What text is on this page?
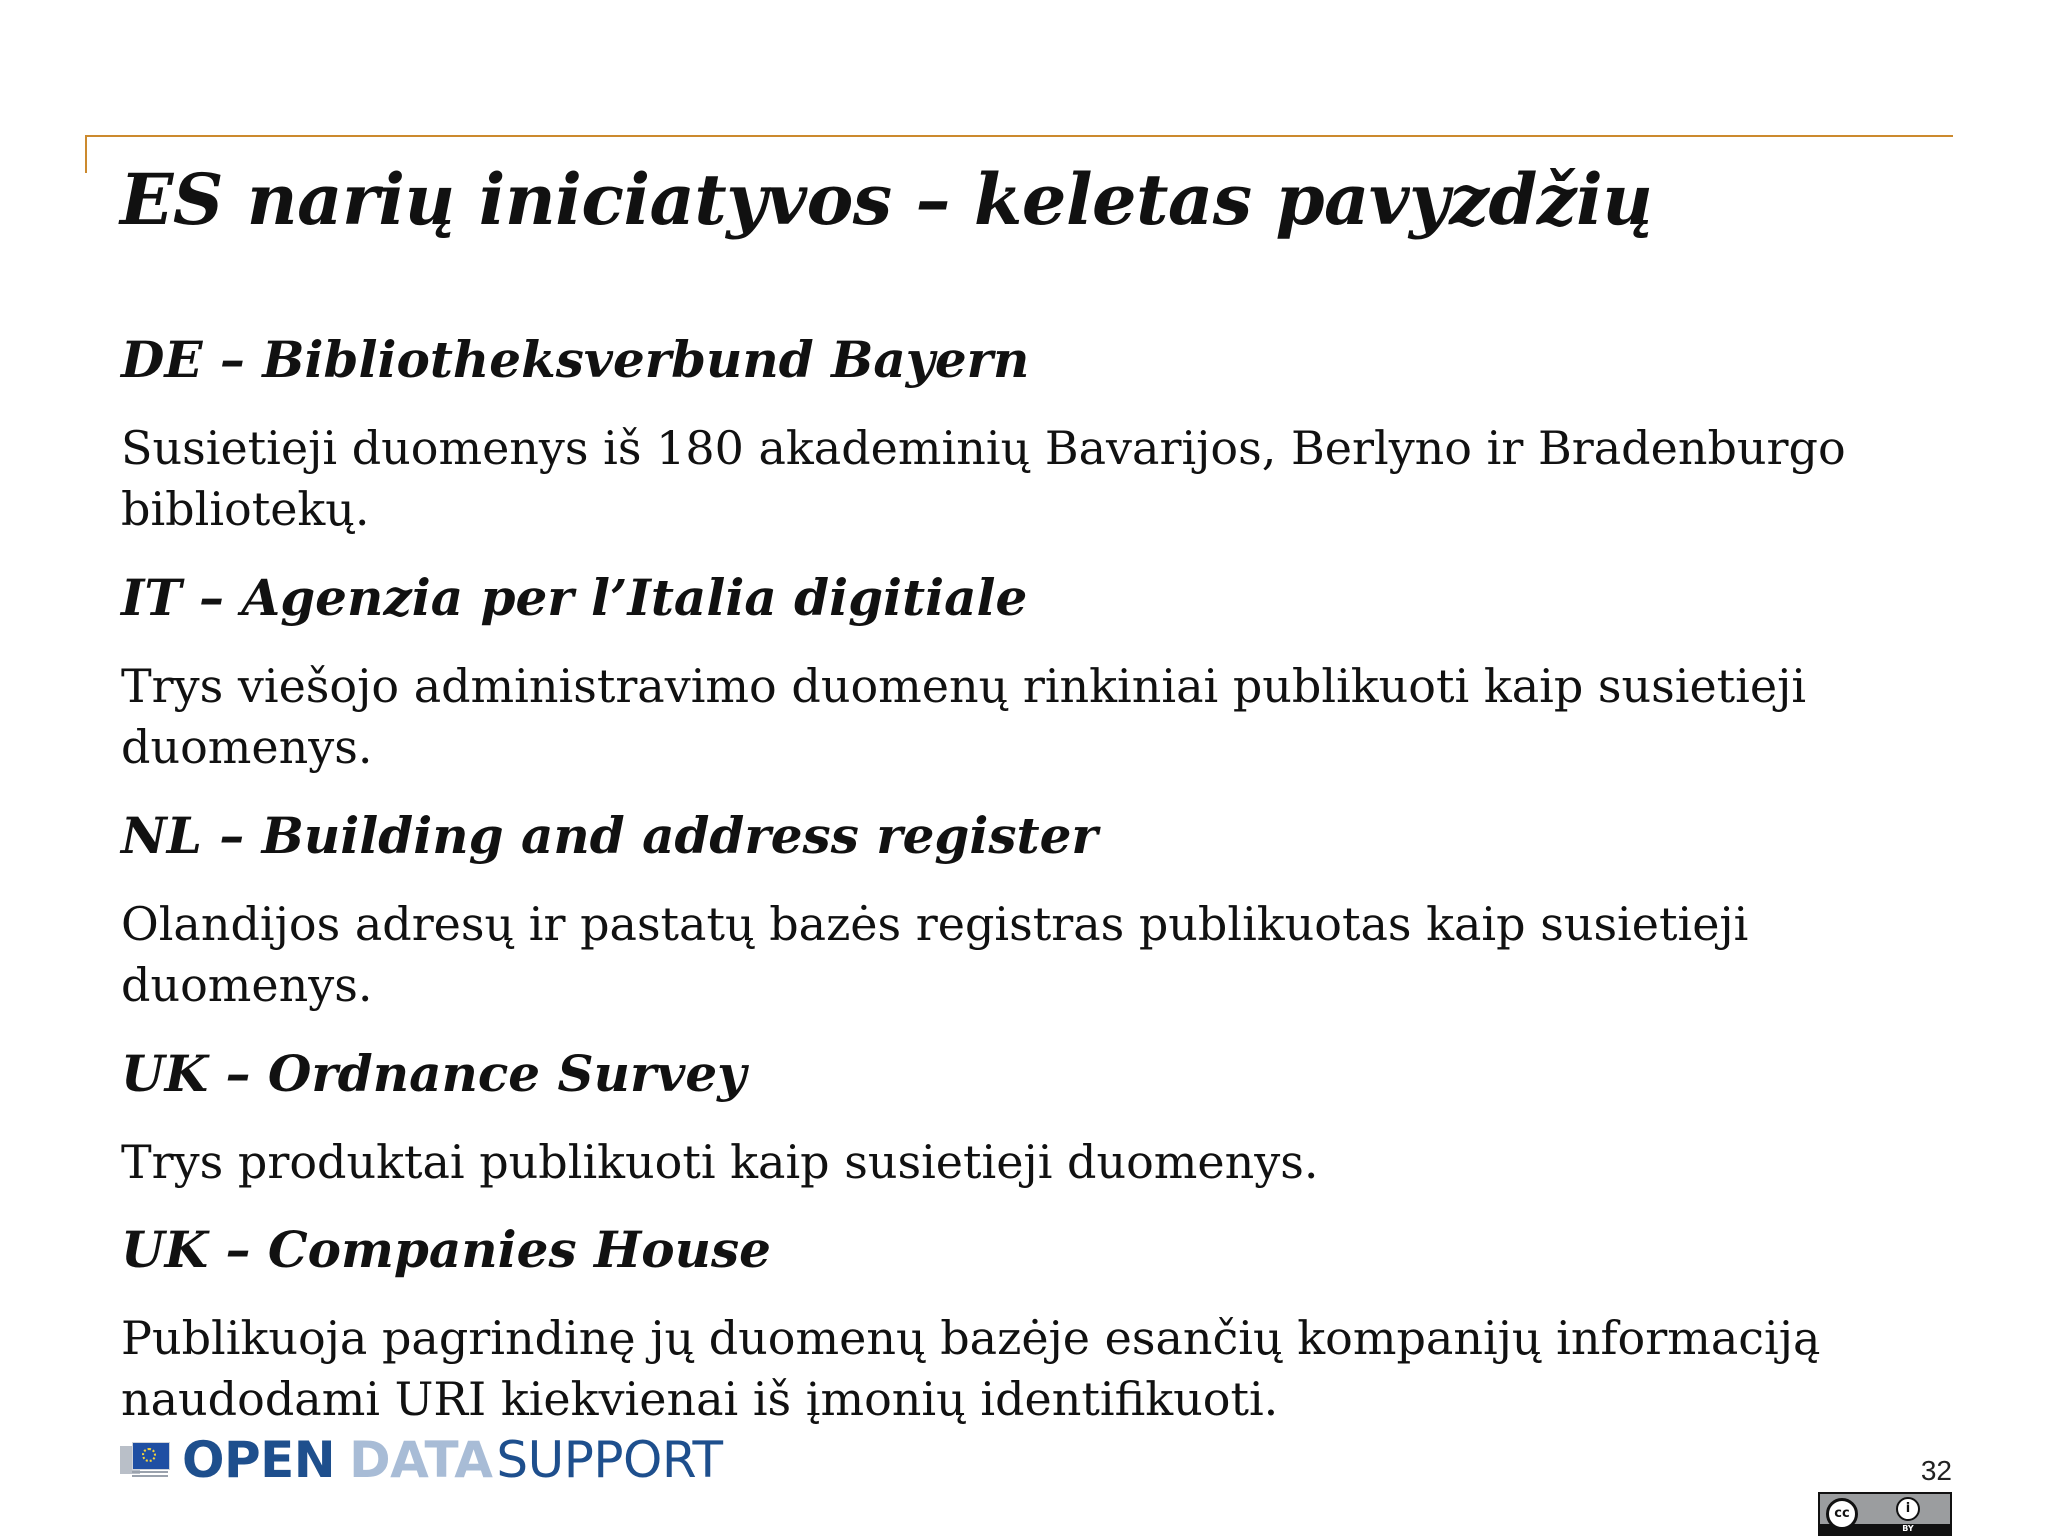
ES narių iniciatyvos – keletas pavyzdžių
DE – Bibliotheksverbund Bayern

Susietieji duomenys iš 180 akademinių Bavarijos, Berlyno ir Bradenburgo
bibliotekų.

IT – Agenzia per l’Italia digitiale

Trys viešojo administravimo duomenų rinkiniai publikuoti kaip susietieji
duomenys.

NL – Building and address register

Olandijos adresų ir pastatų bazės registras publikuotas kaip susietieji
duomenys.

UK – Ordnance Survey

Trys produktai publikuoti kaip susietieji duomenys.

UK – Companies House

Publikuoja pagrindinę jų duomenų bazėje esančių kompanijų informaciją
naudodami URI kiekvienai iš įmonių identifikuoti.

OPEN DATASUPPORT	32
cc	i
BY
